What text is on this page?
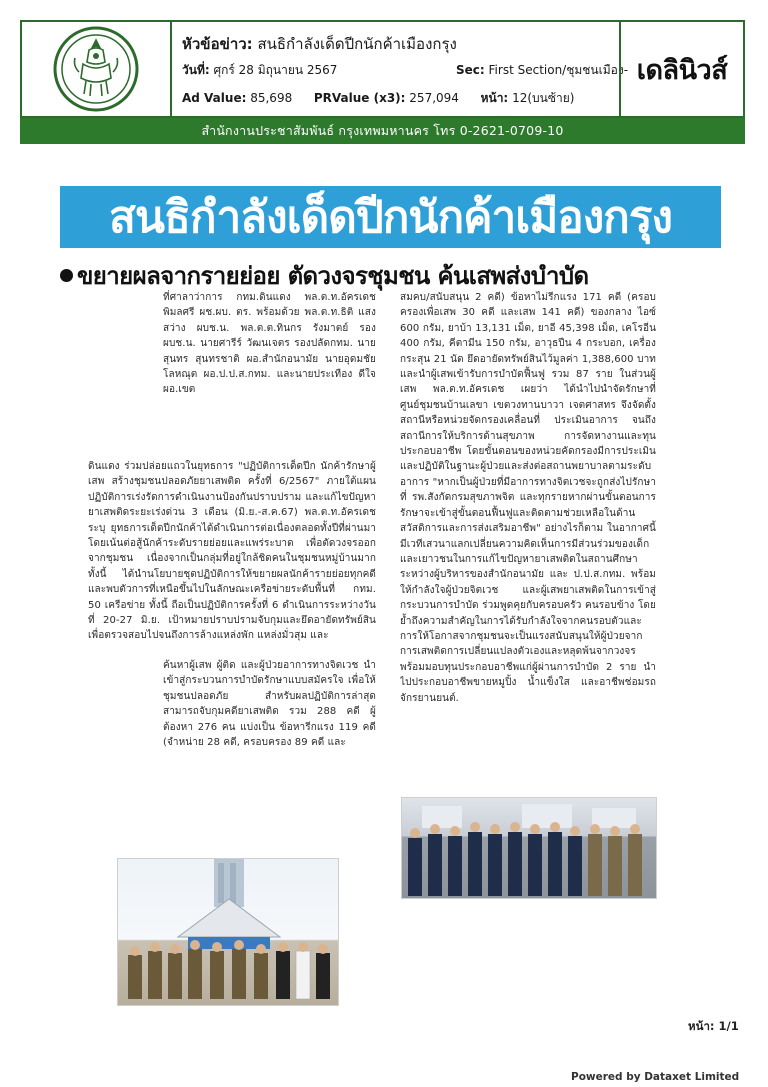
หัวข้อข่าว: สนธิกำลังเด็ดปีกนักค้าเมืองกรุง
วันที่: ศุกร์ 28 มิถุนายน 2567	Sec: First Section/ชุมชนเมือง-
Ad Value: 85,698 PRValue (x3): 257,094 หน้า: 12(บนซ้าย)
เดลินิวส์
สำนักงานประชาสัมพันธ์ กรุงเทพมหานคร โทร 0-2621-0709-10
สนธิกำลังเด็ดปีกนักค้าเมืองกรุง
ขยายผลจากรายย่อย ตัดวงจรชุมชน ค้นเสพส่งบำบัด
ที่ศาลาว่าการ กทม.ดินแดง พล.ต.ท.อัครเดช พิมลศรี ผช.ผบ. ตร. พร้อมด้วย พล.ต.ท.ธิติ แสงสว่าง ผบช.น. พล.ต.ต.ทินกร รังมาตย์ รอง ผบช.น. นายศารีร์ วัฒนเจตร รองปลัดกทม. นายสุนทร สุนทรชาติ ผอ.สำนักอนามัย นายอุดมชัย โลหณุต ผอ.ป.ป.ส.กทม. และนายประเทือง ดีใจ ผอ.เขต
ดินแดง ร่วมปล่อยแถวในยุทธการ "ปฏิบัติการเด็ดปีก นักค้ารักษาผู้เสพ สร้างชุมชนปลอดภัยยาเสพติด ครั้งที่ 6/2567" ภายใต้แผนปฏิบัติการเร่งรัดการดำเนินงานป้องกันปราบปราม และแก้ไขปัญหายาเสพติดระยะเร่งด่วน 3 เดือน (มิ.ย.-ส.ค.67) พล.ต.ท.อัครเดช ระบุ ยุทธการเด็ดปีกนักค้าได้ดำเนินการต่อเนื่องตลอดทั้งปีที่ผ่านมา โดยเน้นต่อสู้นักค้าระดับรายย่อยและแพร่ระบาด เพื่อตัดวงจรออกจากชุมชน เนื่องจากเป็นกลุ่มที่อยู่ใกล้ชิดคนในชุมชนหมู่บ้านมาก ทั้งนี้ ได้นำนโยบายชุดปฏิบัติการให้ขยายผลนักค้ารายย่อยทุกคดี และพบตัวการที่เหนือขึ้นไปในลักษณะเครือข่ายระดับพื้นที่ กทม. 50 เครือข่าย ทั้งนี้ ถือเป็นปฏิบัติการครั้งที่ 6 ดำเนินการระหว่างวันที่ 20-27 มิ.ย. เป้าหมายปราบปรามจับกุมและยึดอายัดทรัพย์สินเพื่อตรวจสอบไปจนถึงการล้างแหล่งพัก แหล่งมั่วสุม และ
ค้นหาผู้เสพ ผู้ติด และผู้ป่วยอาการทางจิตเวช นำเข้าสู่กระบวนการบำบัดรักษาแบบสมัครใจ เพื่อให้ชุมชนปลอดภัย สำหรับผลปฏิบัติการล่าสุด สามารถจับกุมคดียาเสพติด รวม 288 คดี ผู้ต้องหา 276 คน แบ่งเป็น ข้อหารีกแรง 119 คดี (จำหน่าย 28 คดี, ครอบครอง 89 คดี และ
สมคบ/สนับสนุน 2 คดี) ข้อหาไม่รีกแรง 171 คดี (ครอบครองเพื่อเสพ 30 คดี และเสพ 141 คดี) ของกลาง ไอซ์ 600 กรัม, ยาบ้า 13,131 เม็ด, ยาอี 45,398 เม็ด, เคโรอีน 400 กรัม, คีตามีน 150 กรัม, อาวุธปืน 4 กระบอก, เครื่องกระสุน 21 นัด ยึดอายัดทรัพย์สินไว้มูลค่า 1,388,600 บาท และนำผู้เสพเข้ารับการบำบัดฟื้นฟู รวม 87 ราย ในส่วนผู้เสพ พล.ต.ท.อัครเดช เผยว่า ได้นำไปนำจัดรักษาที่ศูนย์ชุมชนบ้านเลขา เขตวงทานบาวา เจตศาสทร จึงจัดตั้งสถานีหรือหน่วยจัดกรองเคลื่อนที่ ประเมินอาการ จนถึงสถานีการให้บริการด้านสุขภาพ การจัดหางานและทุนประกอบอาชีพ โดยขั้นตอนของหน่วยคัดกรองมีการประเมินและปฏิบัติในฐานะผู้ป่วยและส่งต่อสถานพยาบาลตามระดับอาการ "หากเป็นผู้ป่วยที่มีอาการทางจิตเวชจะถูกส่งไปรักษาที่ รพ.สังกัดกรมสุขภาพจิต และทุกรายหากผ่านขั้นตอนการรักษาจะเข้าสู่ขั้นตอนฟื้นฟูและติดตามช่วยเหลือในด้านสวัสดิการและการส่งเสริมอาชีพ" อย่างไรก็ตาม ในอากาศนี้มีเวทีเสวนาแลกเปลี่ยนความคิดเห็นการมีส่วนร่วมของเด็กและเยาวชนในการแก้ไขปัญหายาเสพติดในสถานศึกษาระหว่างผู้บริหารของสำนักอนามัย และ ป.ป.ส.กทม. พร้อมให้กำลังใจผู้ป่วยจิตเวช และผู้เสพยาเสพติดในการเข้าสู่กระบวนการบำบัด ร่วมพูดคุยกับครอบครัว คนรอบข้าง โดยย้ำถึงความสำคัญในการได้รับกำลังใจจากคนรอบตัวและการให้โอกาสจากชุมชนจะเป็นแรงสนับสนุนให้ผู้ป่วยจากการเสพติดการเปลี่ยนแปลงตัวเองและหลุดพ้นจากวงจร พร้อมมอบทุนประกอบอาชีพแก่ผู้ผ่านการบำบัด 2 ราย นำไปประกอบอาชีพขายหมูปิ้ง น้ำแข็งใส และอาชีพช่อมรถจักรยานยนต์.
หน้า: 1/1
Powered by Dataxet Limited
